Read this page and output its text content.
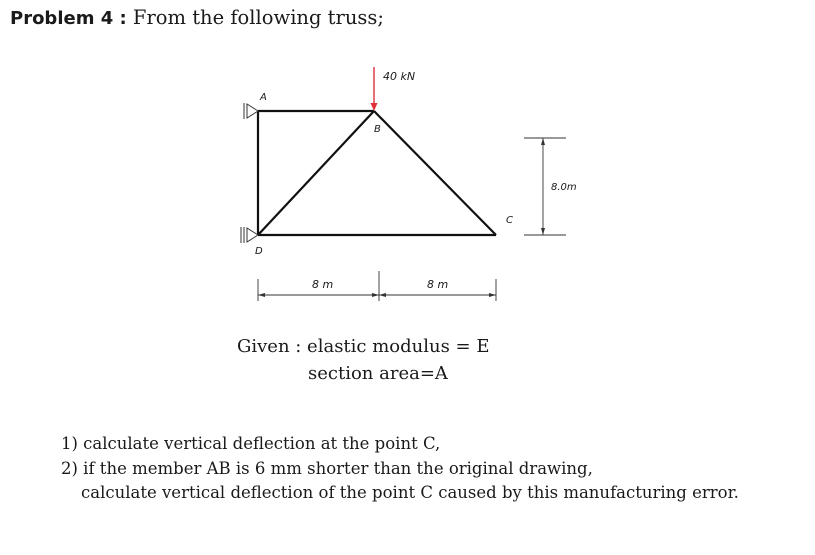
Problem 4 : From the following truss;
40 kN
A
B
C
D
8 m	8 m
8.0m
Given : elastic modulus = E
section area=A
1) calculate vertical deflection at the point C,
2) if the member AB is 6 mm shorter than the original drawing,
calculate vertical deflection of the point C caused by this manufacturing error.
